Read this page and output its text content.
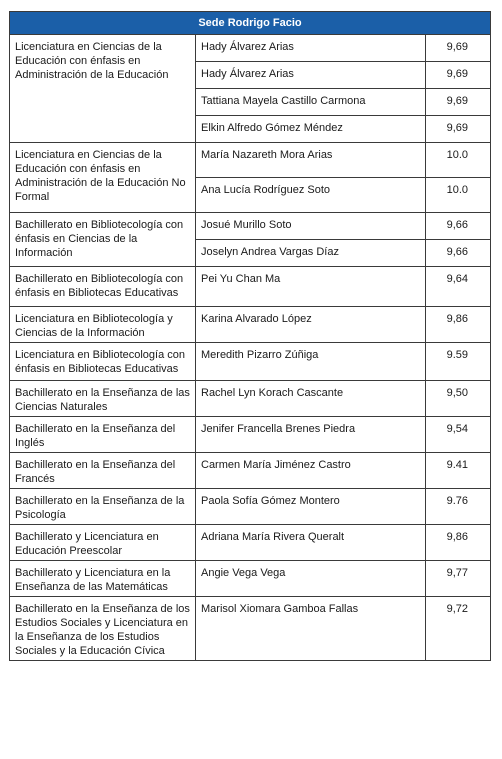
Sede Rodrigo Facio		
Licenciatura en Ciencias de la Educación con énfasis en Administración de la Educación	Hady Álvarez Arias	9,69
	Hady Álvarez Arias	9,69
	Tattiana Mayela Castillo Carmona	9,69
	Elkin Alfredo Gómez Méndez	9,69
Licenciatura en Ciencias de la Educación con énfasis en Administración de la Educación No Formal	María Nazareth Mora Arias	10.0
	Ana Lucía Rodríguez Soto	10.0
Bachillerato en Bibliotecología con énfasis en Ciencias de la Información	Josué Murillo Soto	9,66
	Joselyn Andrea Vargas Díaz	9,66
Bachillerato en Bibliotecología con énfasis en Bibliotecas Educativas	Pei Yu Chan Ma	9,64
Licenciatura en Bibliotecología y Ciencias de la Información	Karina Alvarado López	9,86
Licenciatura en Bibliotecología con énfasis en Bibliotecas Educativas	Meredith Pizarro Zúñiga	9.59
Bachillerato en la Enseñanza de las Ciencias Naturales	Rachel Lyn Korach Cascante	9,50
Bachillerato en la Enseñanza del Inglés	Jenifer Francella Brenes Piedra	9,54
Bachillerato en la Enseñanza del Francés	Carmen María Jiménez Castro	9.41
Bachillerato en la Enseñanza de la Psicología	Paola Sofía Gómez Montero	9.76
Bachillerato y Licenciatura en Educación Preescolar	Adriana María Rivera Queralt	9,86
Bachillerato y Licenciatura en la Enseñanza de las Matemáticas	Angie Vega Vega	9,77
Bachillerato en la Enseñanza de los Estudios Sociales y Licenciatura en la Enseñanza de los Estudios Sociales y la Educación Cívica	Marisol Xiomara Gamboa Fallas	9,72
